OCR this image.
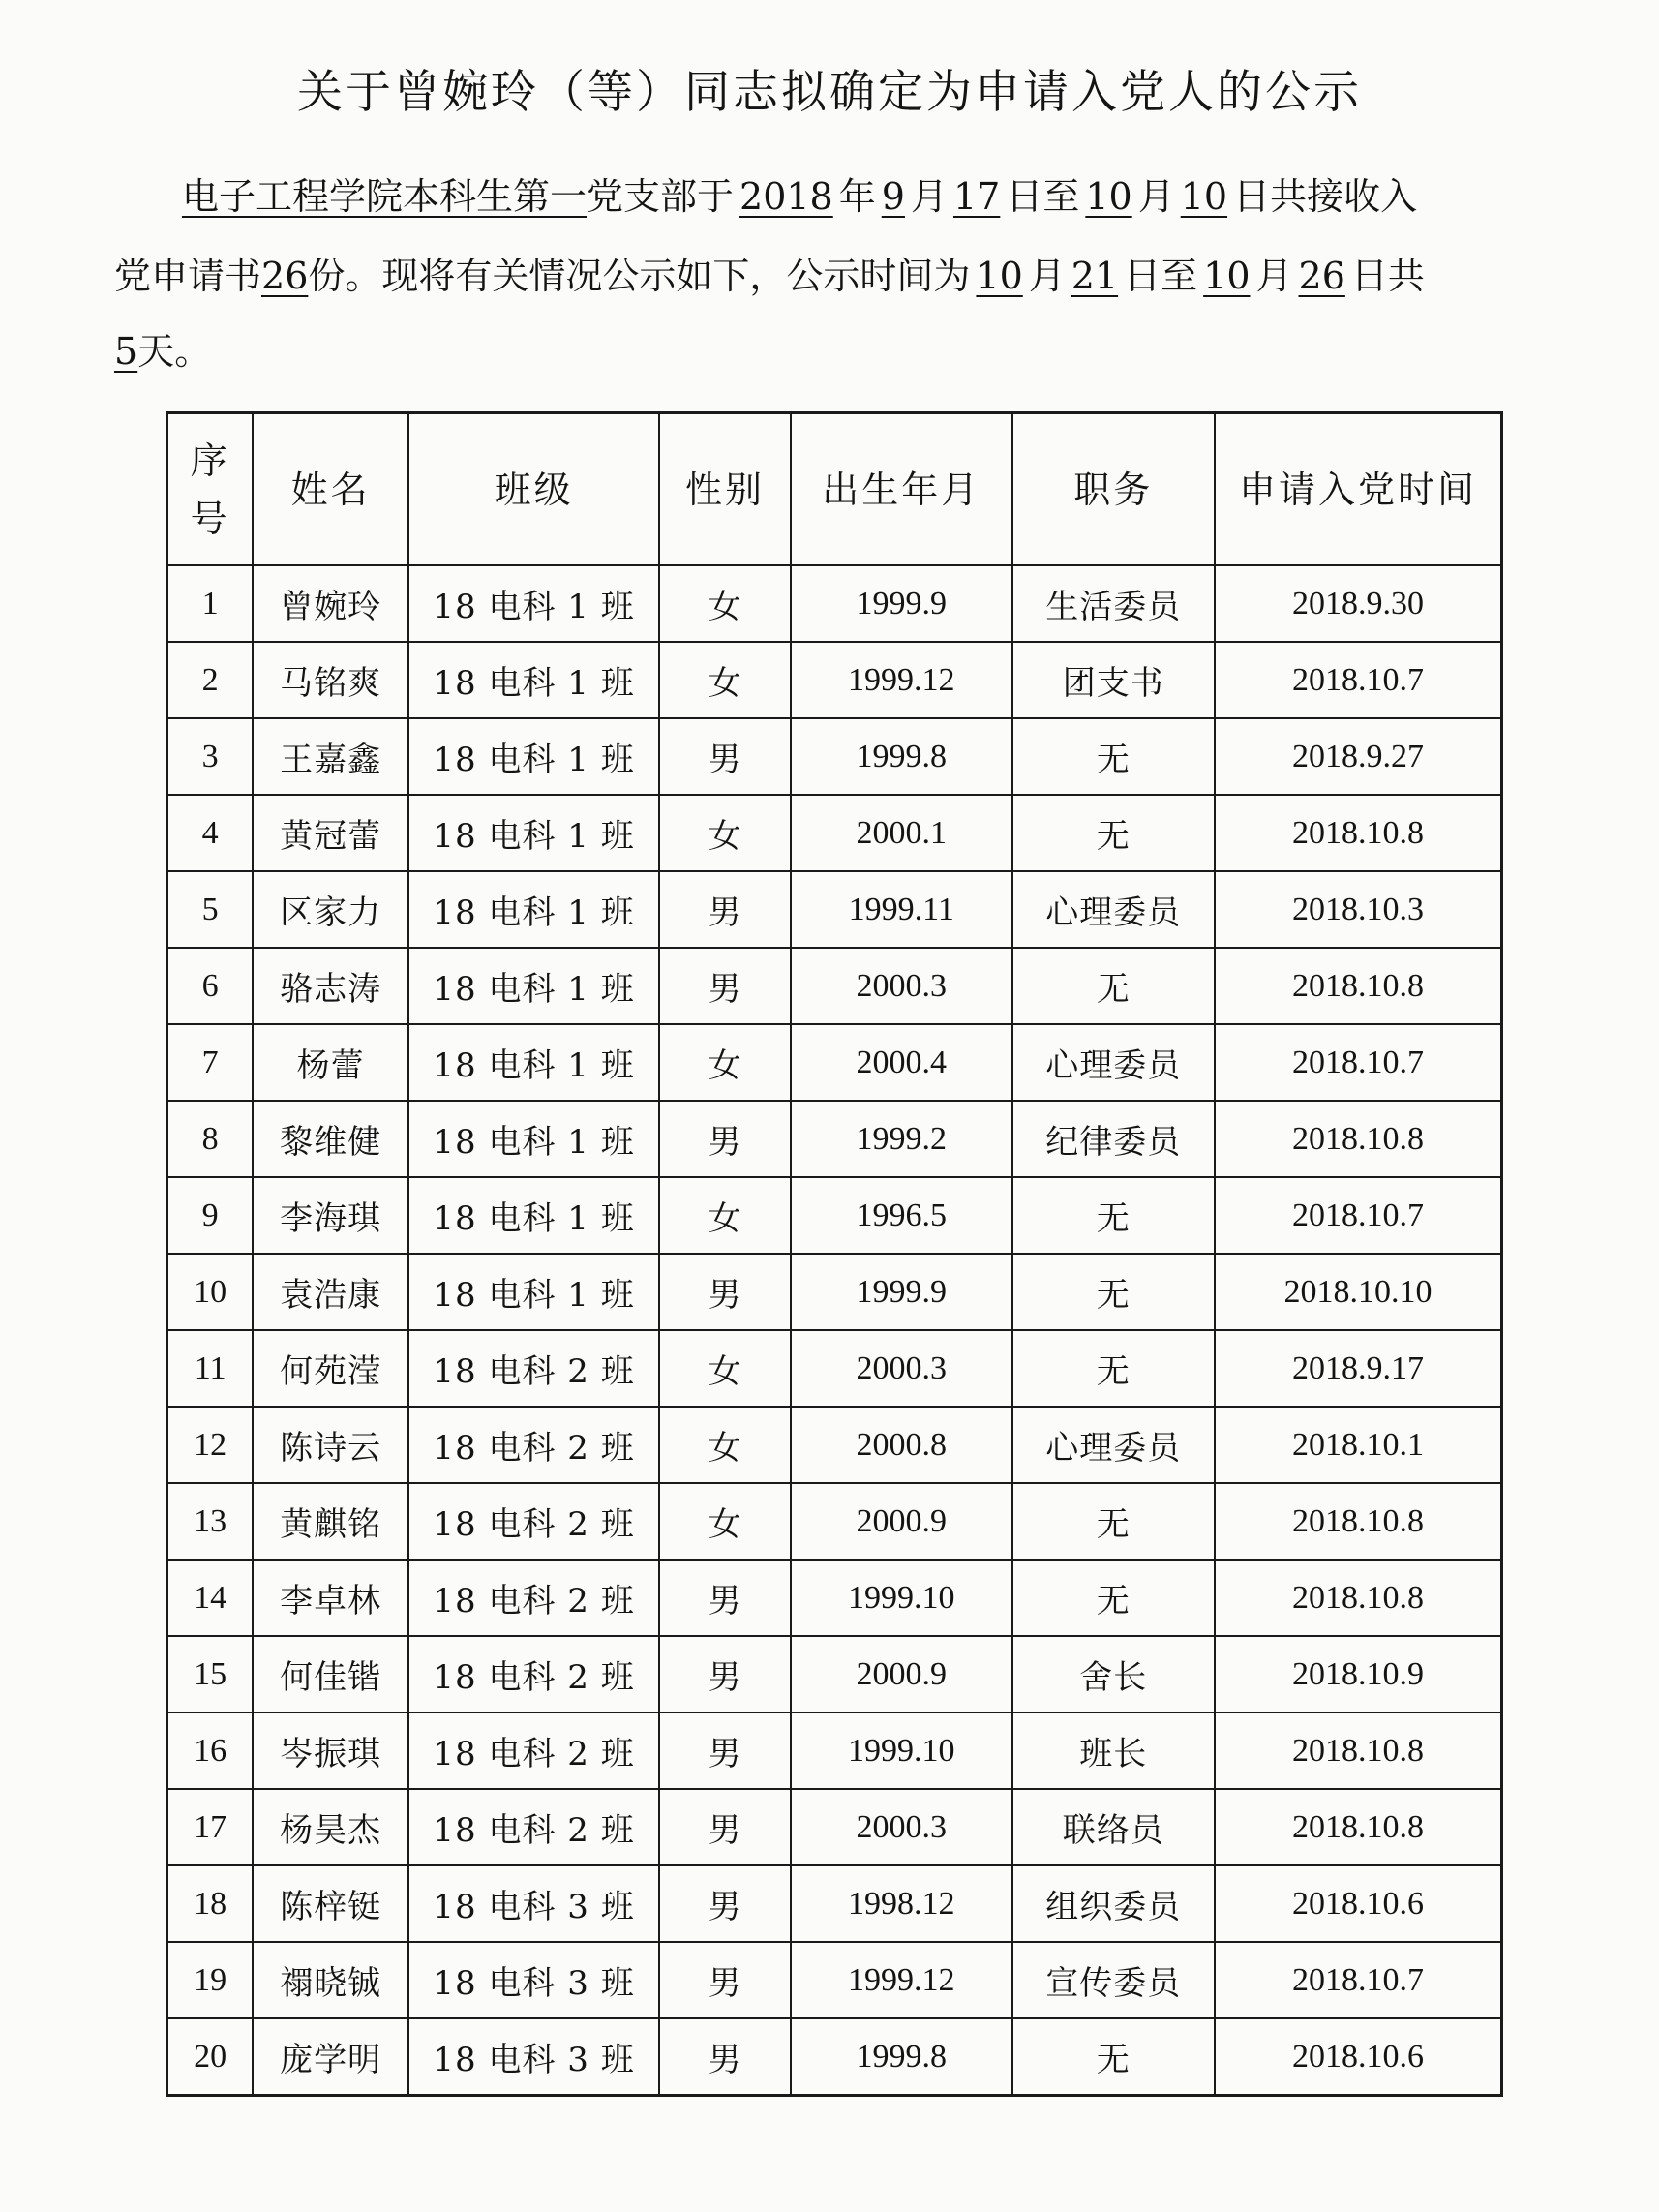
关于曾婉玲（等）同志拟确定为申请入党人的公示
电子工程学院本科生第一党支部于 2018 年 9 月 17 日至 10 月 10 日共接收入
党申请书26份。现将有关情况公示如下，公示时间为 10 月 21 日至 10 月 26 日共
5天。
序
号	姓名	班级	性别	出生年月	职务	申请入党时间
1	曾婉玲	18 电科 1 班	女	1999.9	生活委员	2018.9.30
2	马铭爽	18 电科 1 班	女	1999.12	团支书	2018.10.7
3	王嘉鑫	18 电科 1 班	男	1999.8	无	2018.9.27
4	黄冠蕾	18 电科 1 班	女	2000.1	无	2018.10.8
5	区家力	18 电科 1 班	男	1999.11	心理委员	2018.10.3
6	骆志涛	18 电科 1 班	男	2000.3	无	2018.10.8
7	杨蕾	18 电科 1 班	女	2000.4	心理委员	2018.10.7
8	黎维健	18 电科 1 班	男	1999.2	纪律委员	2018.10.8
9	李海琪	18 电科 1 班	女	1996.5	无	2018.10.7
10	袁浩康	18 电科 1 班	男	1999.9	无	2018.10.10
11	何苑滢	18 电科 2 班	女	2000.3	无	2018.9.17
12	陈诗云	18 电科 2 班	女	2000.8	心理委员	2018.10.1
13	黄麒铭	18 电科 2 班	女	2000.9	无	2018.10.8
14	李卓林	18 电科 2 班	男	1999.10	无	2018.10.8
15	何佳锴	18 电科 2 班	男	2000.9	舍长	2018.10.9
16	岑振琪	18 电科 2 班	男	1999.10	班长	2018.10.8
17	杨昊杰	18 电科 2 班	男	2000.3	联络员	2018.10.8
18	陈梓铤	18 电科 3 班	男	1998.12	组织委员	2018.10.6
19	禤晓铖	18 电科 3 班	男	1999.12	宣传委员	2018.10.7
20	庞学明	18 电科 3 班	男	1999.8	无	2018.10.6
